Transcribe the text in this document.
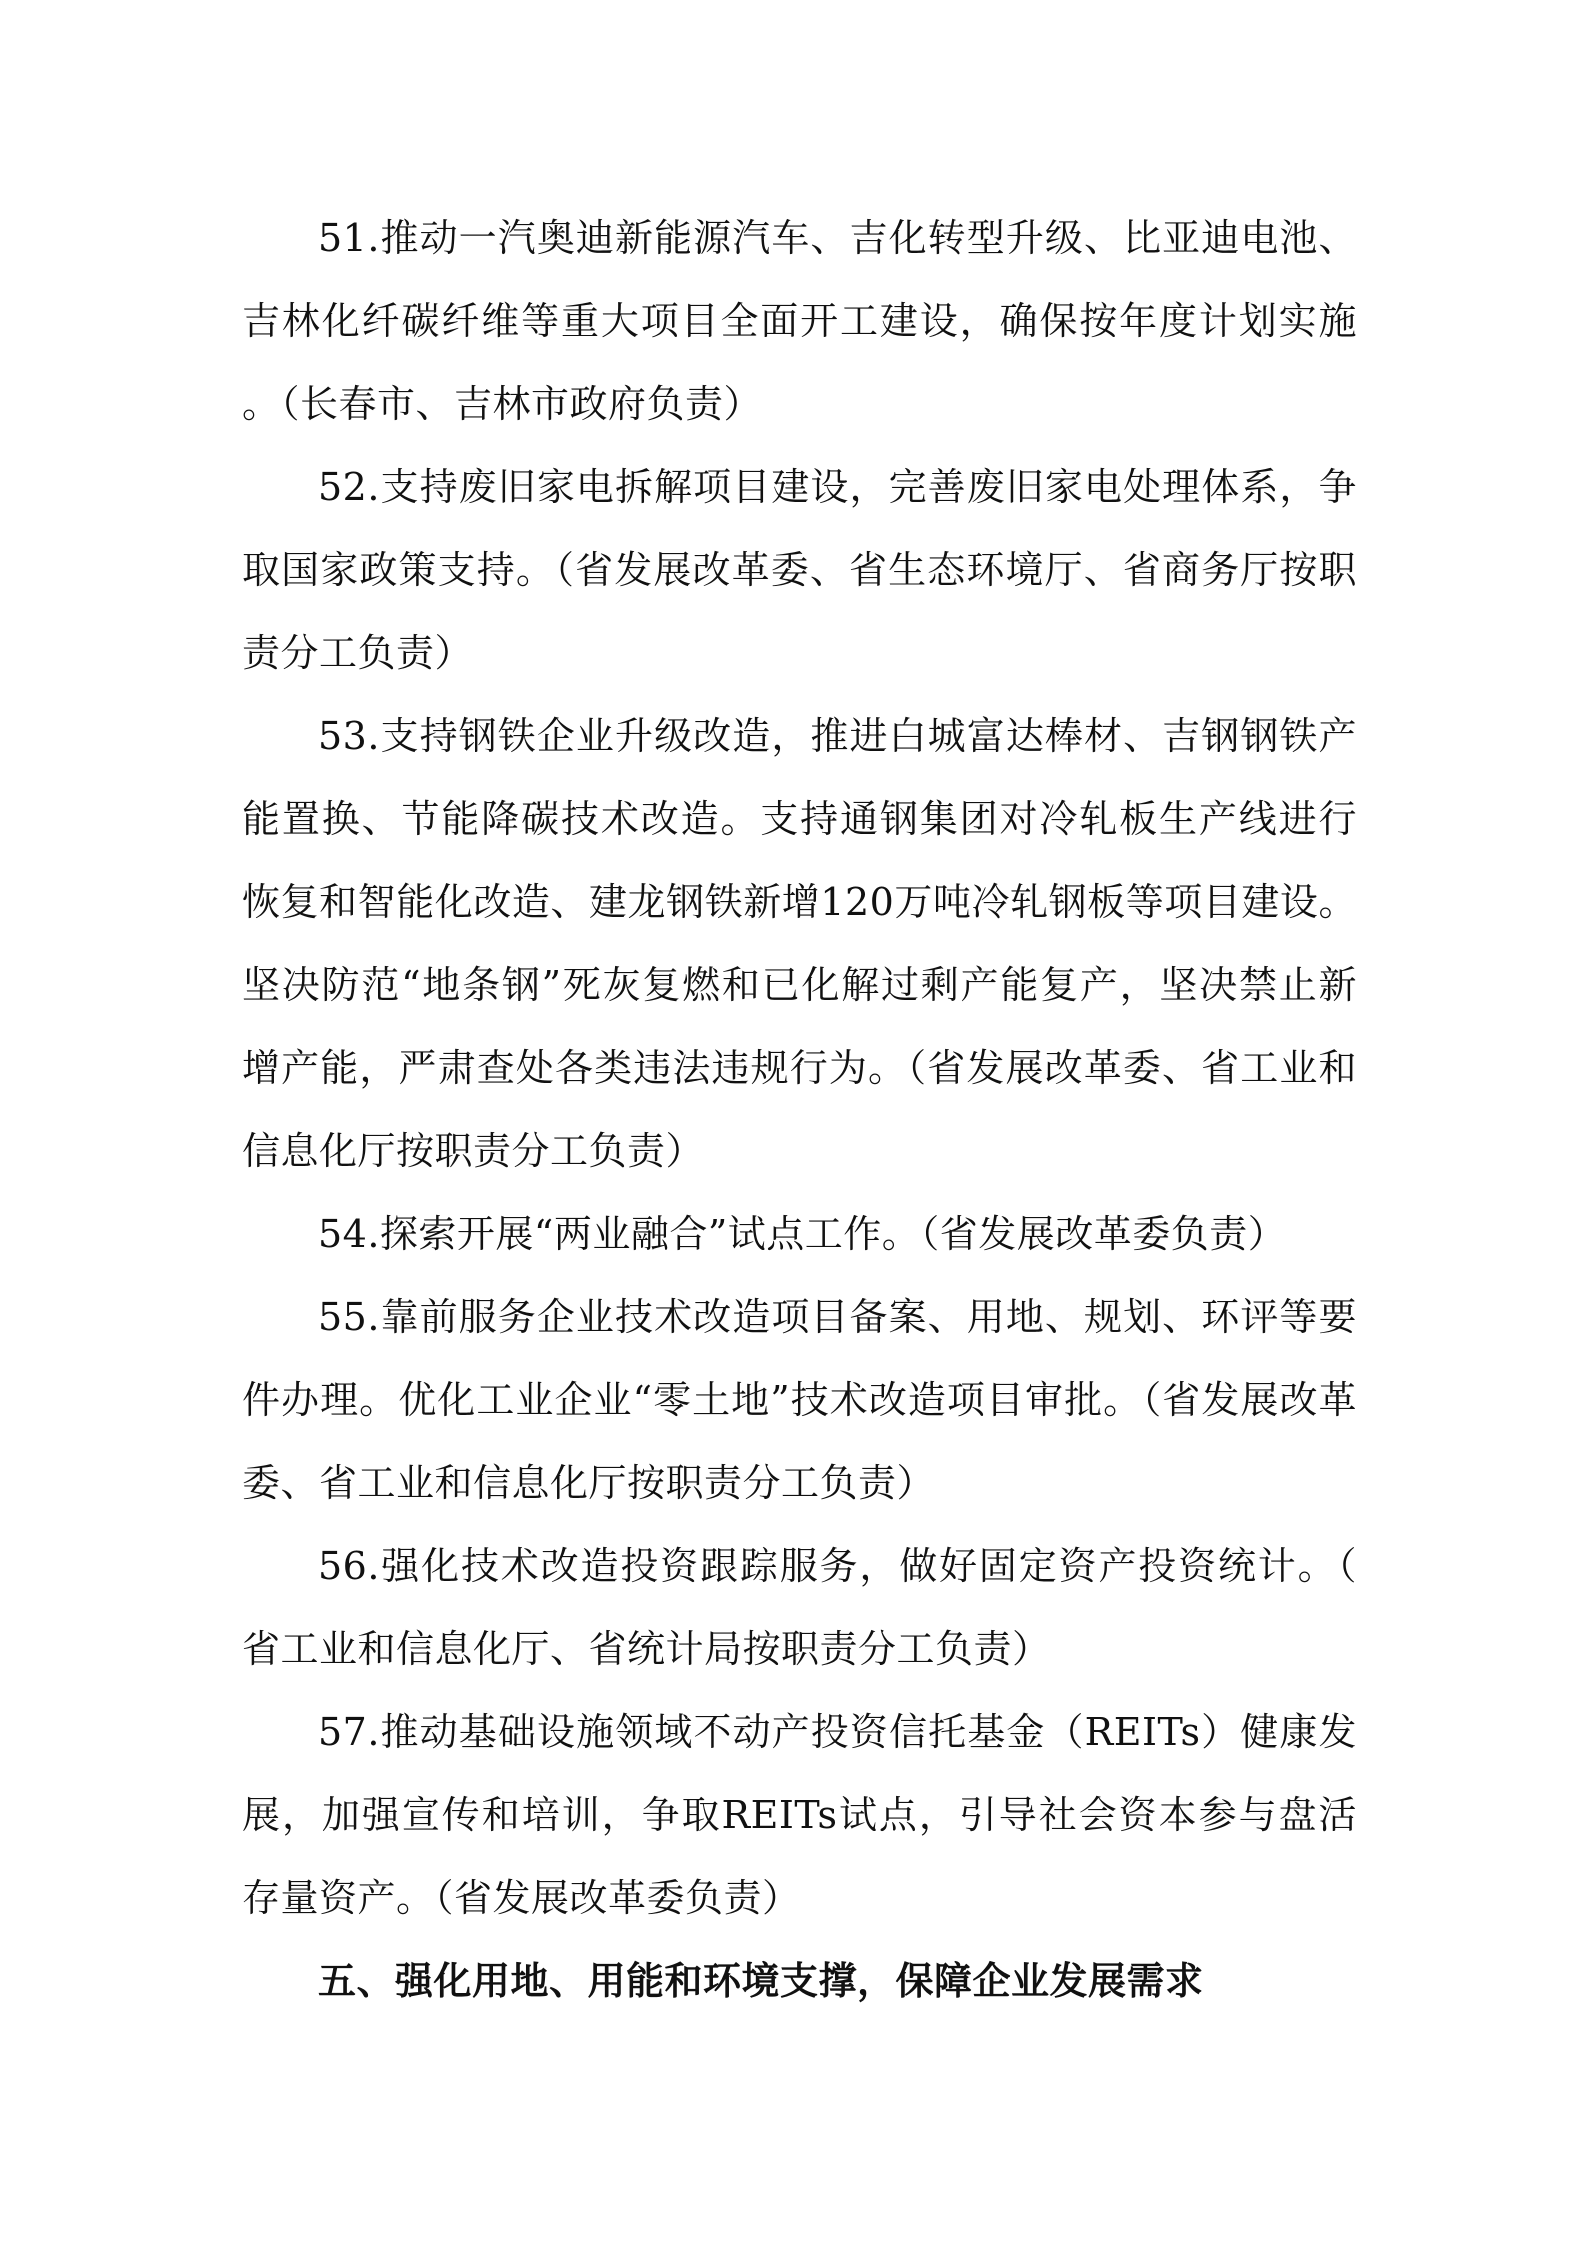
51.推动一汽奥迪新能源汽车、吉化转型升级、比亚迪电池、吉林化纤碳纤维等重大项目全面开工建设，确保按年度计划实施。（长春市、吉林市政府负责）

52.支持废旧家电拆解项目建设，完善废旧家电处理体系，争取国家政策支持。（省发展改革委、省生态环境厅、省商务厅按职责分工负责）

53.支持钢铁企业升级改造，推进白城富达棒材、吉钢钢铁产能置换、节能降碳技术改造。支持通钢集团对冷轧板生产线进行恢复和智能化改造、建龙钢铁新增120万吨冷轧钢板等项目建设。坚决防范“地条钢”死灰复燃和已化解过剩产能复产，坚决禁止新增产能，严肃查处各类违法违规行为。（省发展改革委、省工业和信息化厅按职责分工负责）

54.探索开展“两业融合”试点工作。（省发展改革委负责）

55.靠前服务企业技术改造项目备案、用地、规划、环评等要件办理。优化工业企业“零土地”技术改造项目审批。（省发展改革委、省工业和信息化厅按职责分工负责）

56.强化技术改造投资跟踪服务，做好固定资产投资统计。（省工业和信息化厅、省统计局按职责分工负责）

57.推动基础设施领域不动产投资信托基金（REITs）健康发展，加强宣传和培训，争取REITs试点，引导社会资本参与盘活存量资产。（省发展改革委负责）

五、强化用地、用能和环境支撑，保障企业发展需求
